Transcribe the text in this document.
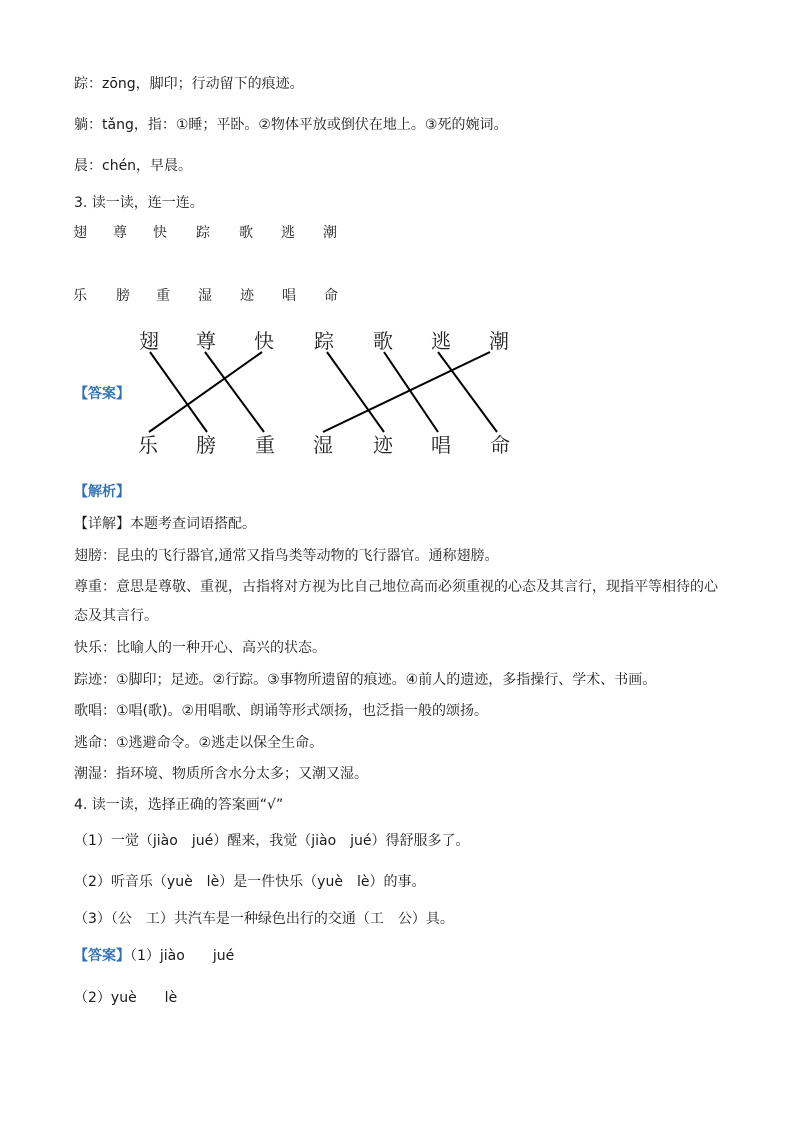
踪：zōng，脚印；行动留下的痕迹。
躺：tǎng，指：①睡；平卧。②物体平放或倒伏在地上。③死的婉词。
晨：chén，早晨。
3. 读一读，连一连。
翅 尊 快 踪 歌 逃 潮
乐 膀 重 湿 迹 唱 命
【答案】
翅 尊 快 踪 歌 逃 潮
乐 膀 重 湿 迹 唱 命
【解析】
【详解】本题考查词语搭配。
翅膀：昆虫的飞行器官,通常又指鸟类等动物的飞行器官。通称翅膀。
尊重：意思是尊敬、重视，古指将对方视为比自己地位高而必须重视的心态及其言行，现指平等相待的心
态及其言行。
快乐：比喻人的一种开心、高兴的状态。
踪迹：①脚印；足迹。②行踪。③事物所遗留的痕迹。④前人的遗迹，多指操行、学术、书画。
歌唱：①唱(歌)。②用唱歌、朗诵等形式颂扬，也泛指一般的颂扬。
逃命：①逃避命令。②逃走以保全生命。
潮湿：指环境、物质所含水分太多；又潮又湿。
4. 读一读，选择正确的答案画“√”
（1）一觉（jiào　jué）醒来，我觉（jiào　jué）得舒服多了。
（2）听音乐（yuè　lè）是一件快乐（yuè　lè）的事。
（3）（公　工）共汽车是一种绿色出行的交通（工　公）具。
【答案】（1）jiào　　jué
（2）yuè　　lè
